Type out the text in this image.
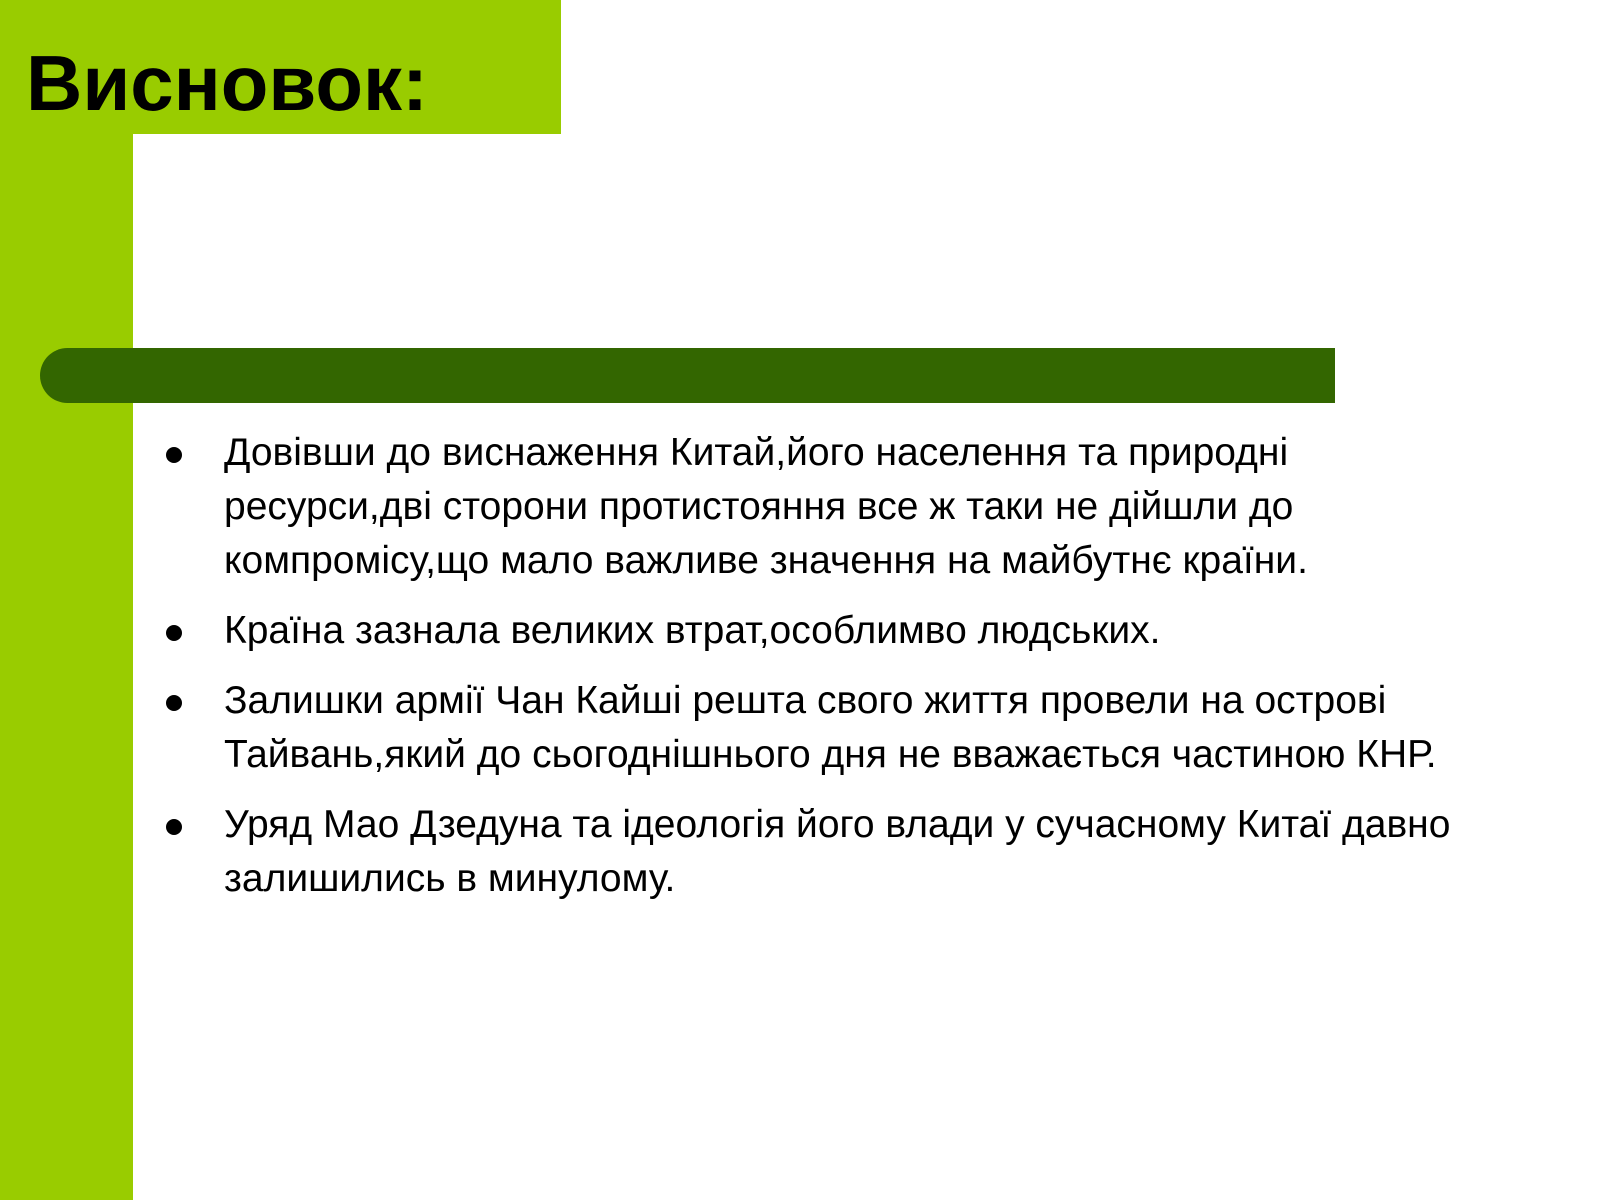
Висновок:
Довівши до виснаження Китай,його населення та природні ресурси,дві сторони протистояння все ж таки не дійшли до компромісу,що мало важливе значення на майбутнє країни.
Країна зазнала великих втрат,особлимво людських.
Залишки армії Чан Кайші решта свого життя провели на острові Тайвань,який до сьогоднішнього дня не вважається частиною КНР.
Уряд Мао Дзедуна та ідеологія його влади у сучасному Китаї давно залишились в минулому.
